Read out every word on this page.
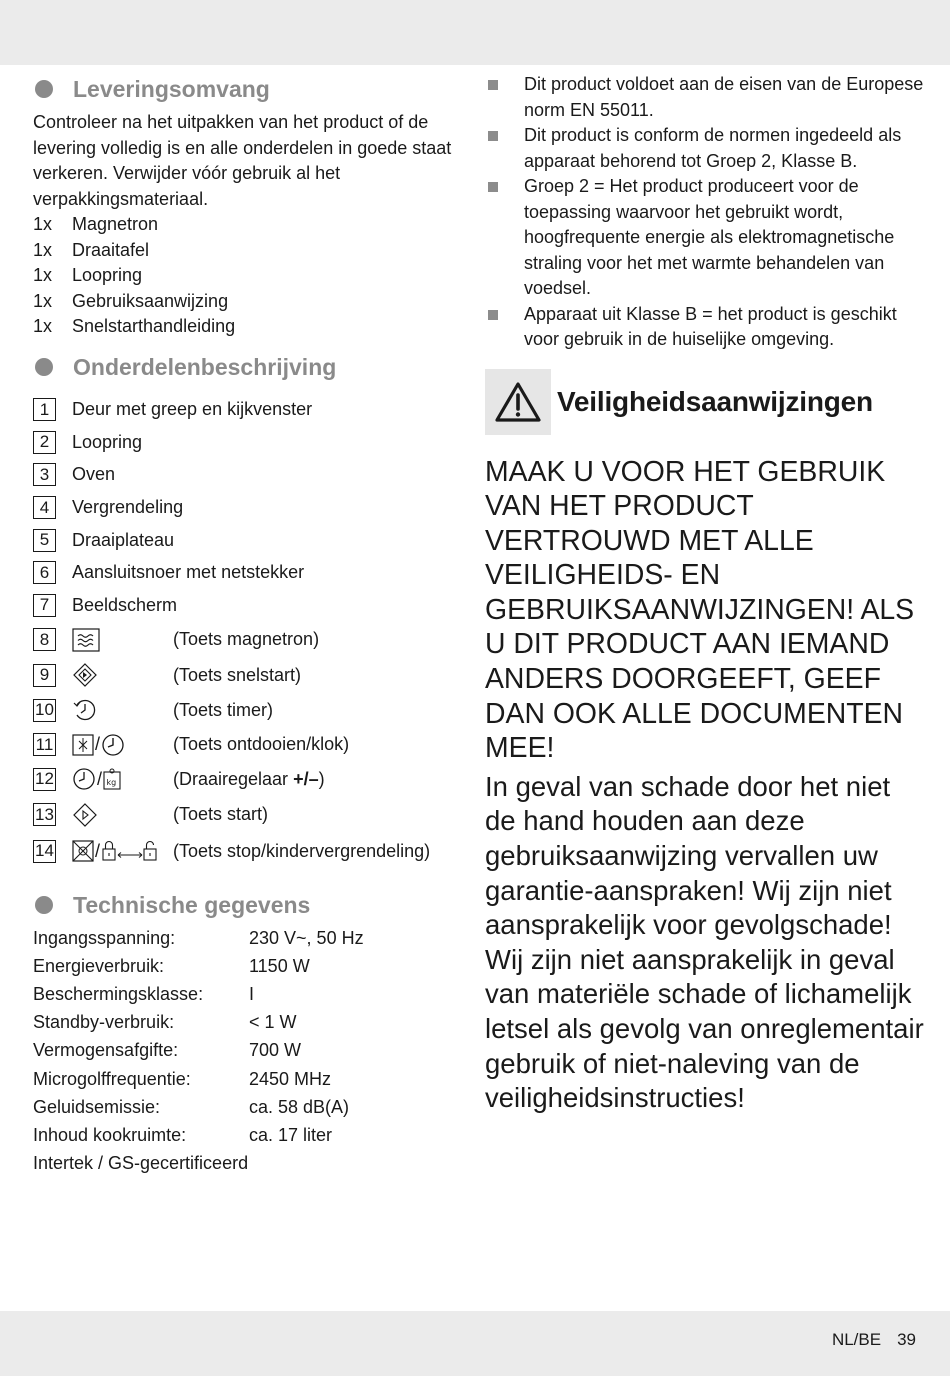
Leveringsomvang

Controleer na het uitpakken van het product of de levering volledig is en alle onderdelen in goede staat verkeren. Verwijder vóór gebruik al het verpakkingsmateriaal.

1x	Magnetron
1x	Draaitafel
1x	Loopring
1x	Gebruiksaanwijzing
1x	Snelstarthandleiding
Onderdelenbeschrijving
1	Deur met greep en kijkvenster
2	Loopring
3	Oven
4	Vergrendeling
5	Draaiplateau
6	Aansluitsnoer met netstekker
7	Beeldscherm
8	(Toets magnetron)
9	(Toets snelstart)
10	(Toets timer)
11 /	(Toets ontdooien/klok)
12 / kg	(Draairegelaar +/–)
13	(Toets start)
14 /	(Toets stop/kindervergrendeling)
Technische gegevens
Ingangsspanning:	230 V~, 50 Hz
Energieverbruik:	1150 W
Beschermingsklasse:	I
Standby-verbruik:	< 1 W
Vermogensafgifte:	700 W
Microgolffrequentie:	2450 MHz
Geluidsemissie:	ca. 58 dB(A)
Inhoud kookruimte:	ca. 17 liter
Intertek / GS-gecertificeerd
Dit product voldoet aan de eisen van de Europese norm EN 55011.
Dit product is conform de normen ingedeeld als apparaat behorend tot Groep 2, Klasse B.
Groep 2 = Het product produceert voor de toepassing waarvoor het gebruikt wordt, hoogfrequente energie als elektromagnetische straling voor het met warmte behandelen van voedsel.
Apparaat uit Klasse B = het product is geschikt voor gebruik in de huiselijke omgeving.
Veiligheidsaanwijzingen

MAAK U VOOR HET GEBRUIK VAN HET PRODUCT VERTROUWD MET ALLE VEILIGHEIDS- EN GEBRUIKSAANWIJZINGEN! ALS U DIT PRODUCT AAN IEMAND ANDERS DOORGEEFT, GEEF DAN OOK ALLE DOCUMENTEN MEE!

In geval van schade door het niet de hand houden aan deze gebruiksaanwijzing vervallen uw garantie-aanspraken! Wij zijn niet aansprakelijk voor gevolgschade! Wij zijn niet aansprakelijk in geval van materiële schade of lichamelijk letsel als gevolg van onreglementair gebruik of niet-naleving van de veiligheidsinstructies!

NL/BE 39
